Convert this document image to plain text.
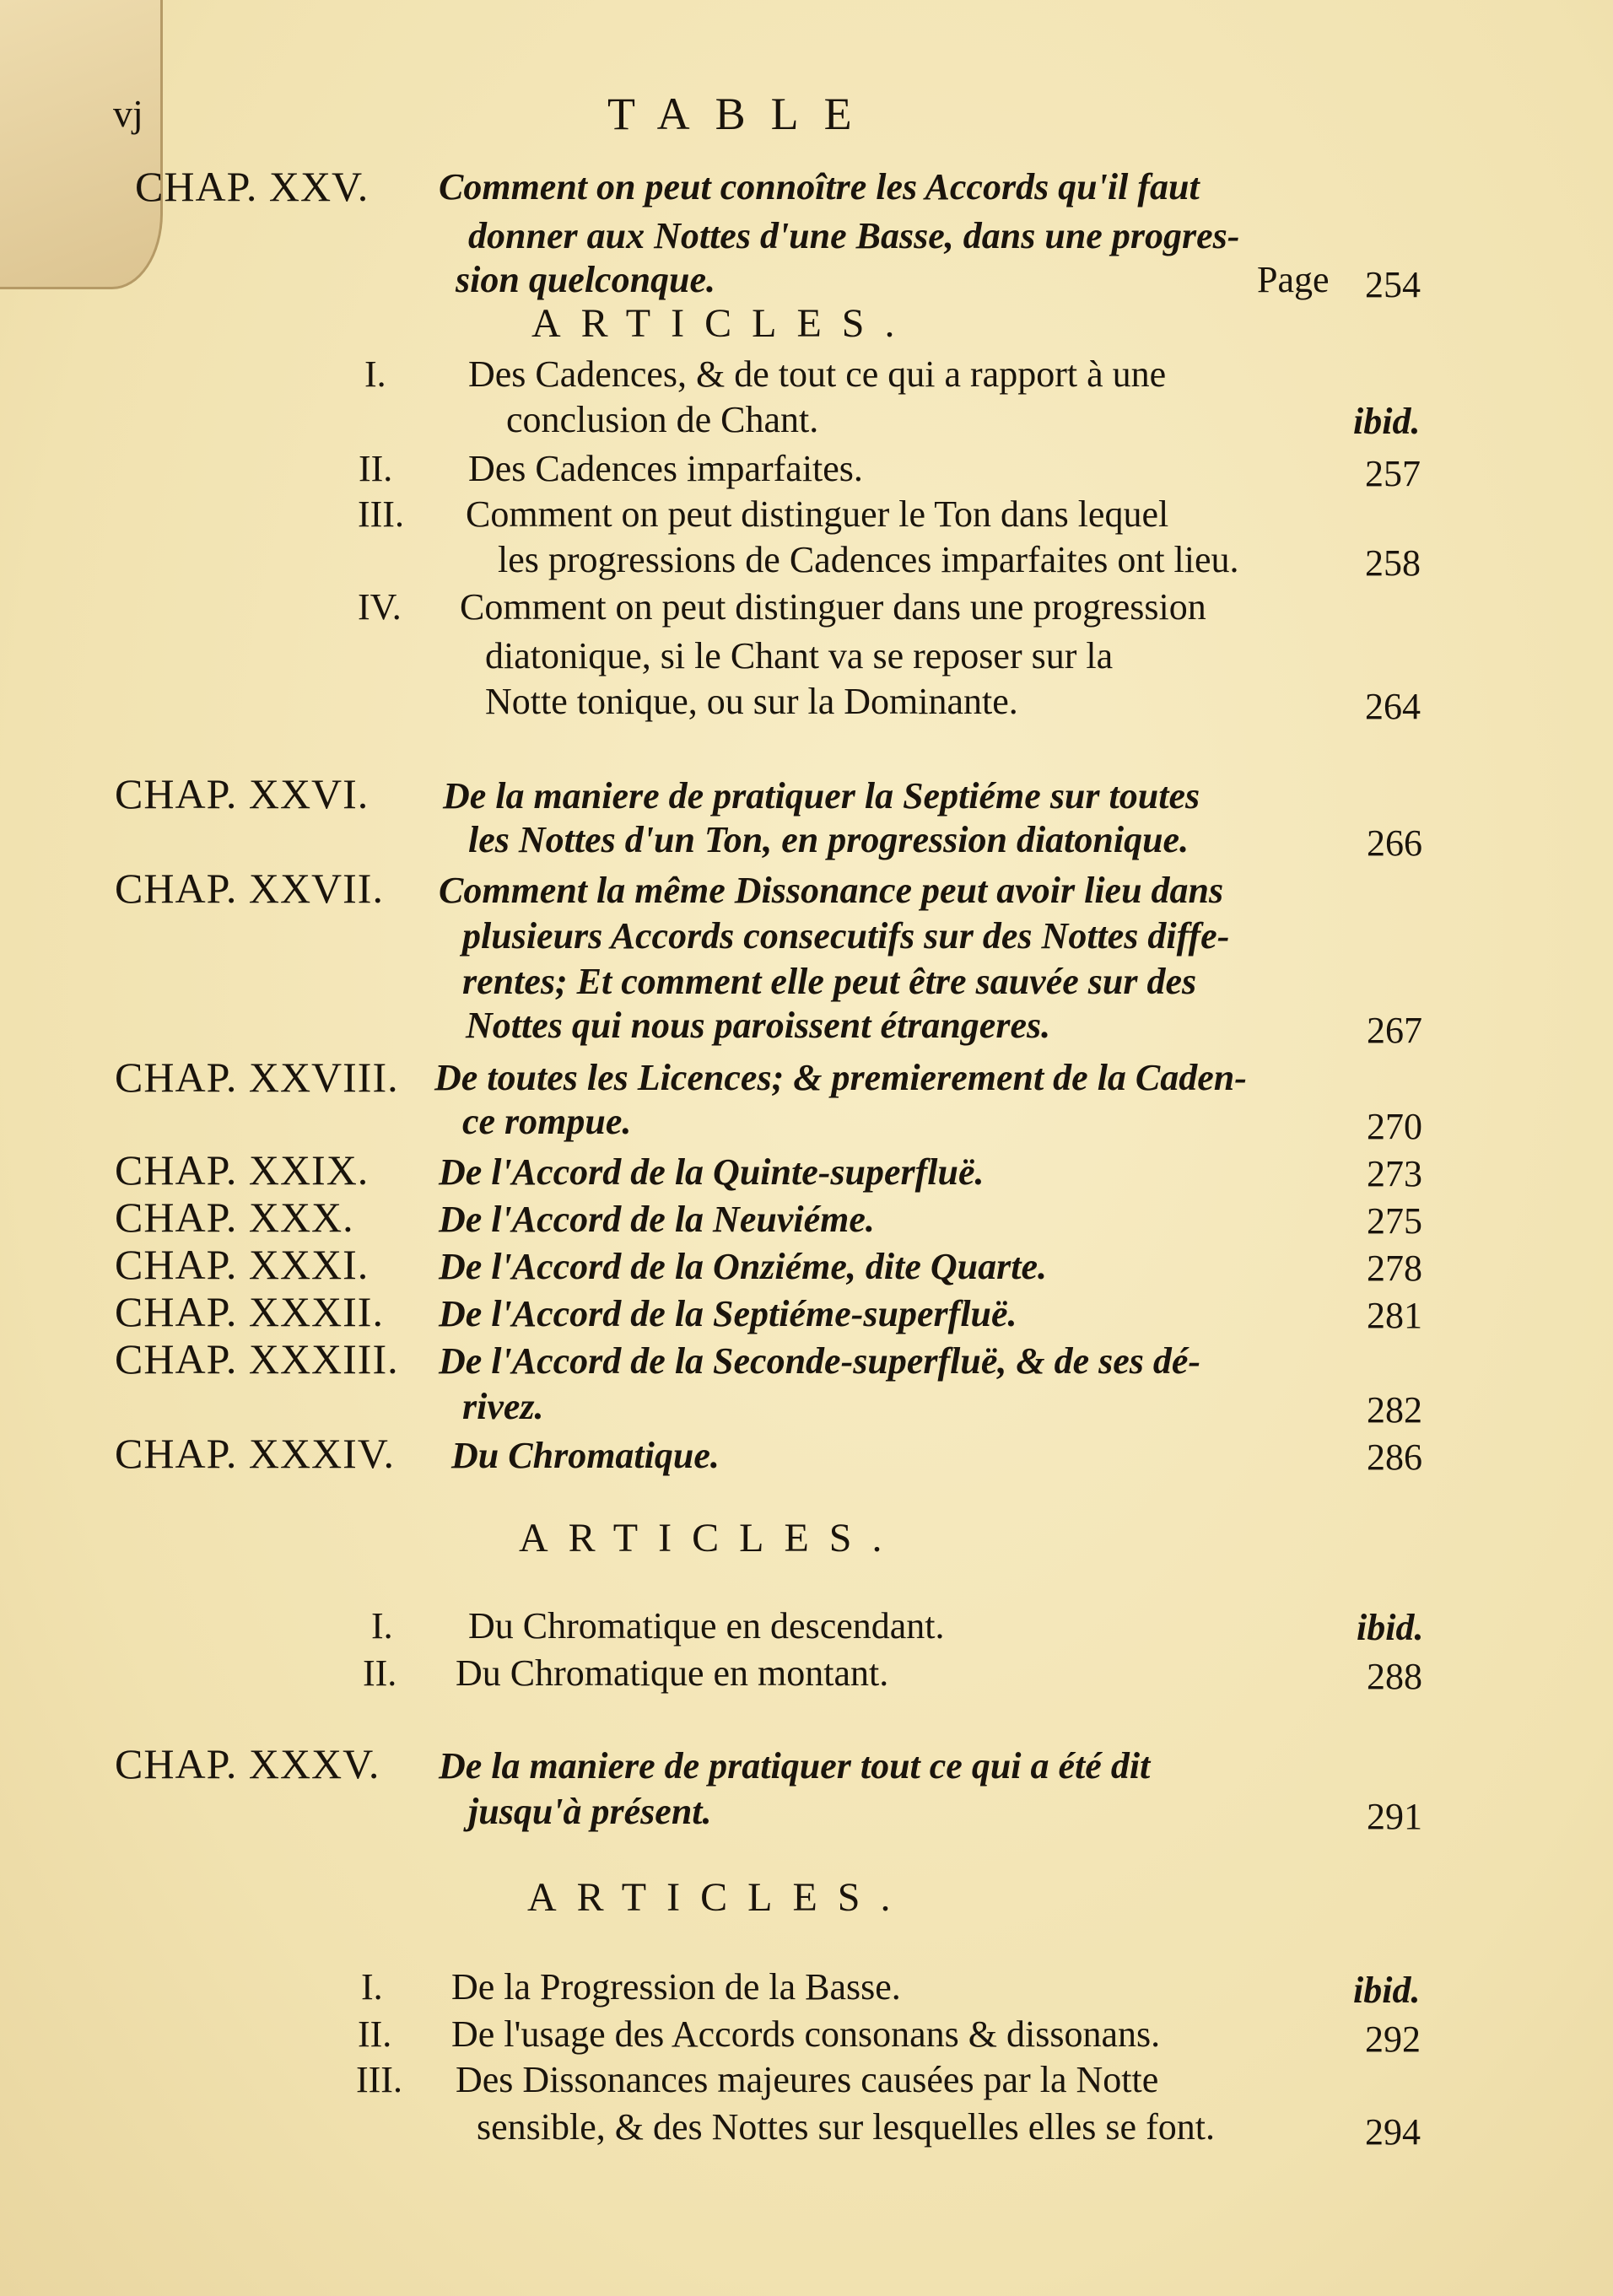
vj	TABLE
CHAP. XXV. Comment on peut connoître les Accords qu'il faut
donner aux Nottes d'une Basse, dans une progres-
sion quelconque.	Page 254
ARTICLES.
I. Des Cadences, & de tout ce qui a rapport à une
conclusion de Chant.	ibid.
II. Des Cadences imparfaites.	257
III. Comment on peut distinguer le Ton dans lequel
les progressions de Cadences imparfaites ont lieu.	258
IV. Comment on peut distinguer dans une progression
diatonique, si le Chant va se reposer sur la
Notte tonique, ou sur la Dominante.	264
CHAP. XXVI. De la maniere de pratiquer la Septiéme sur toutes
les Nottes d'un Ton, en progression diatonique.	266
CHAP. XXVII. Comment la même Dissonance peut avoir lieu dans
plusieurs Accords consecutifs sur des Nottes diffe-
rentes; Et comment elle peut être sauvée sur des
Nottes qui nous paroissent étrangeres.	267
CHAP. XXVIII. De toutes les Licences; & premierement de la Caden-
ce rompue.	270
CHAP. XXIX. De l'Accord de la Quinte-superfluë.	273
CHAP. XXX. De l'Accord de la Neuviéme.	275
CHAP. XXXI. De l'Accord de la Onziéme, dite Quarte.	278
CHAP. XXXII. De l'Accord de la Septiéme-superfluë.	281
CHAP. XXXIII. De l'Accord de la Seconde-superfluë, & de ses dé-
rivez.	282
CHAP. XXXIV. Du Chromatique.	286
ARTICLES.
I. Du Chromatique en descendant.	ibid.
II. Du Chromatique en montant.	288
CHAP. XXXV. De la maniere de pratiquer tout ce qui a été dit
jusqu'à présent.	291
ARTICLES.
I. De la Progression de la Basse.	ibid.
II. De l'usage des Accords consonans & dissonans.	292
III. Des Dissonances majeures causées par la Notte
sensible, & des Nottes sur lesquelles elles se font.	294
